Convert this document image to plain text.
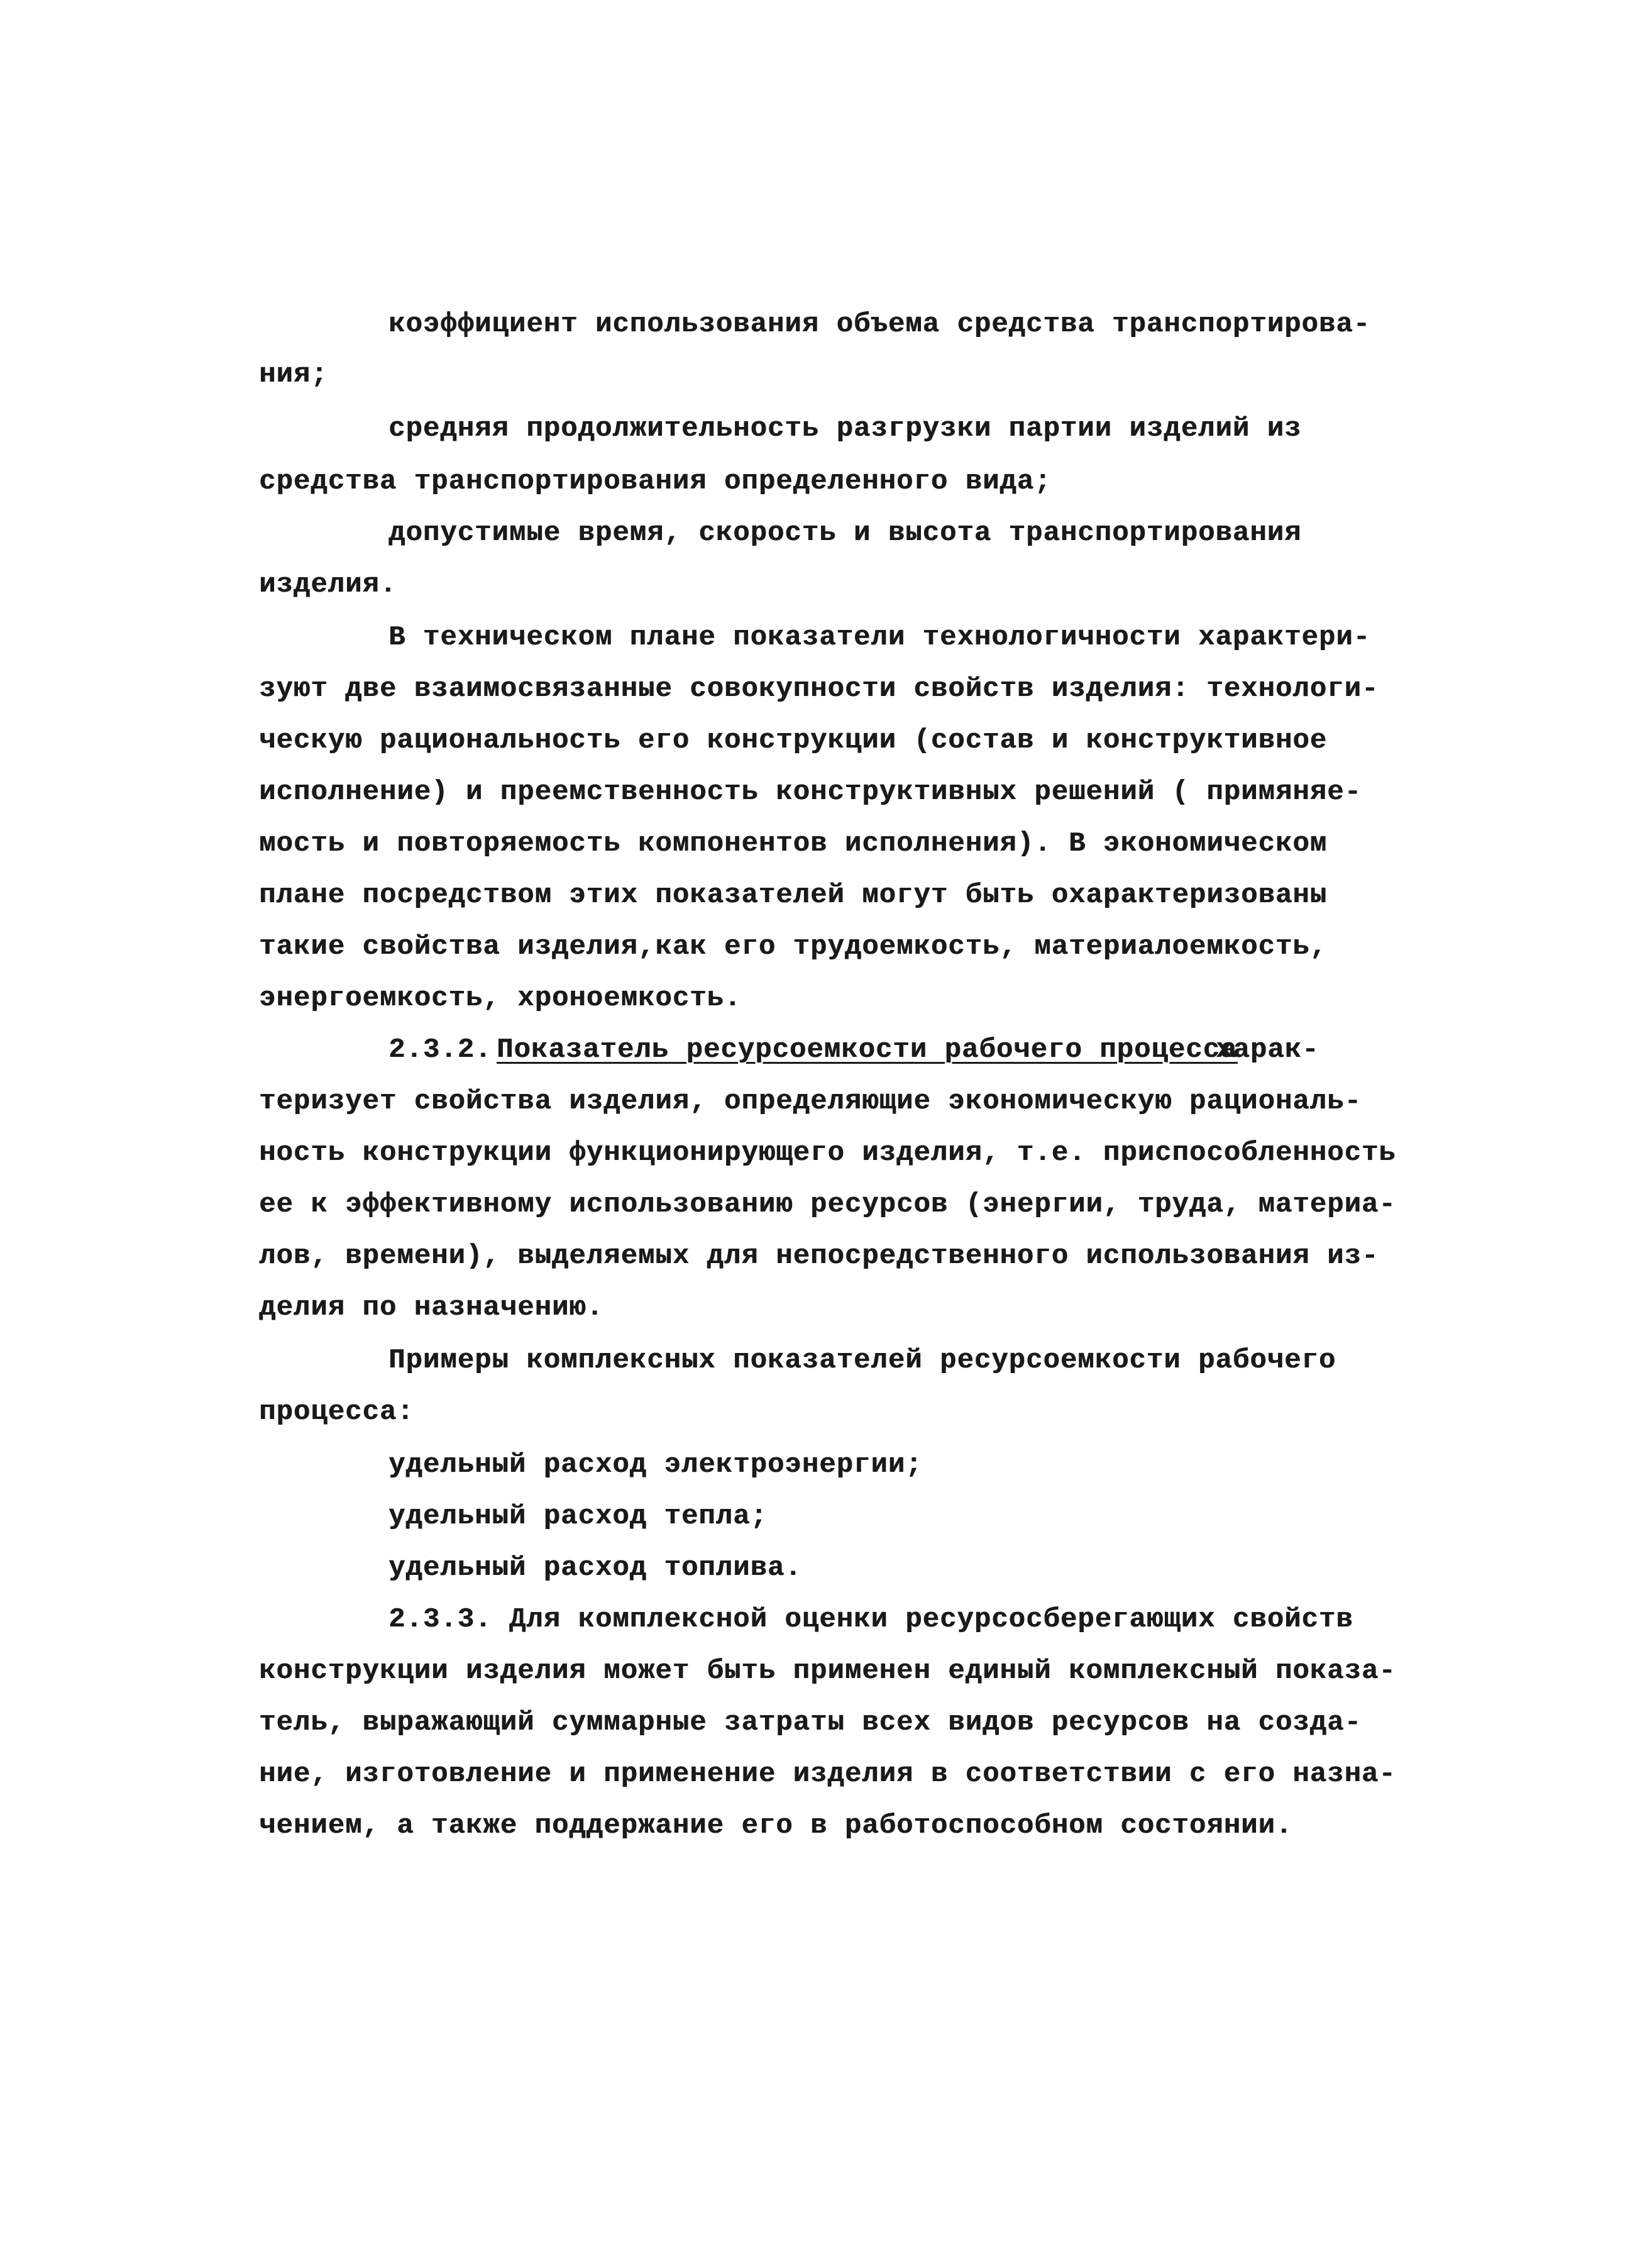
коэффициент использования объема средства транспортирова-
ния;
средняя продолжительность разгрузки партии изделий из
средства транспортирования определенного вида;
допустимые время, скорость и высота транспортирования
изделия.
В техническом плане показатели технологичности характери-
зуют две взаимосвязанные совокупности свойств изделия: технологи-
ческую рациональность его конструкции (состав и конструктивное
исполнение) и преемственность конструктивных решений ( примяняе-
мость и повторяемость компонентов исполнения). В экономическом
плане посредством этих показателей могут быть охарактеризованы
такие свойства изделия,как его трудоемкость, материалоемкость,
энергоемкость, хроноемкость.
2.3.2. Показатель ресурсоемкости рабочего процесса
харак-
теризует свойства изделия, определяющие экономическую рациональ-
ность конструкции функционирующего изделия, т.е. приспособленность
ее к эффективному использованию ресурсов (энергии, труда, материа-
лов, времени), выделяемых для непосредственного использования из-
делия по назначению.
Примеры комплексных показателей ресурсоемкости рабочего
процесса:
удельный расход электроэнергии;
удельный расход тепла;
удельный расход топлива.
2.3.3. Для комплексной оценки ресурсосберегающих свойств
конструкции изделия может быть применен единый комплексный показа-
тель, выражающий суммарные затраты всех видов ресурсов на созда-
ние, изготовление и применение изделия в соответствии с его назна-
чением, а также поддержание его в работоспособном состоянии.
